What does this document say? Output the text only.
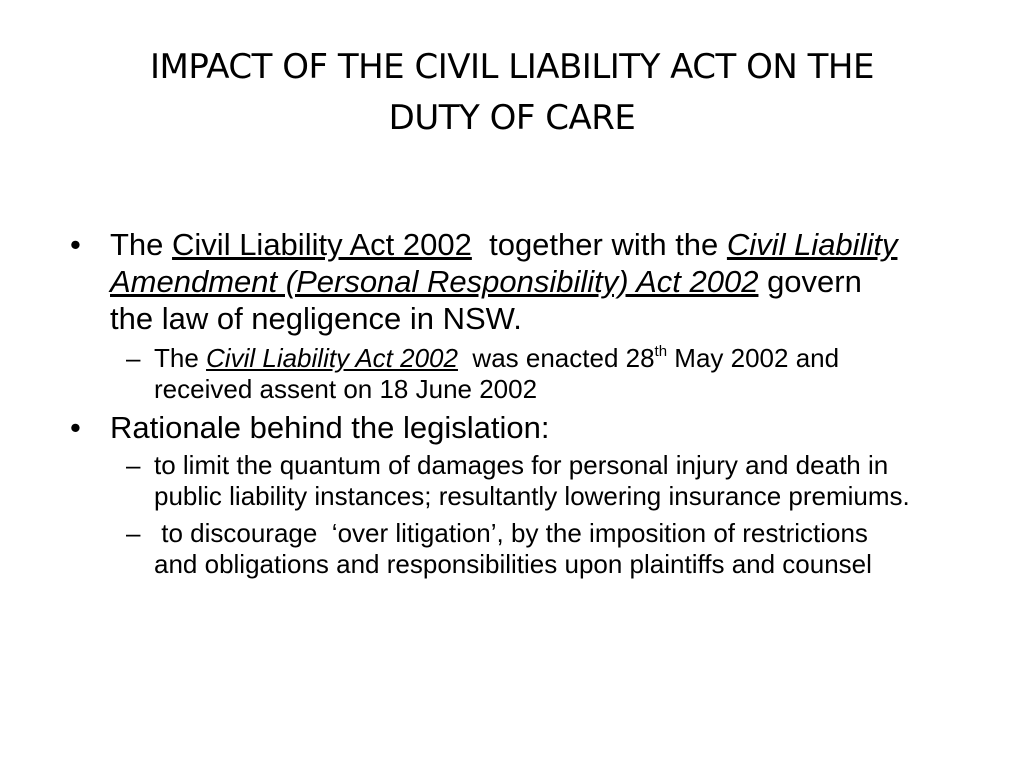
IMPACT OF THE CIVIL LIABILITY ACT ON THE
DUTY OF CARE
• The Civil Liability Act 2002  together with the Civil Liability Amendment (Personal Responsibility) Act 2002 govern the law of negligence in NSW.
– The Civil Liability Act 2002  was enacted 28th May 2002 and received assent on 18 June 2002
• Rationale behind the legislation:
– to limit the quantum of damages for personal injury and death in public liability instances; resultantly lowering insurance premiums.
– to discourage  ‘over litigation’, by the imposition of restrictions and obligations and responsibilities upon plaintiffs and counsel
